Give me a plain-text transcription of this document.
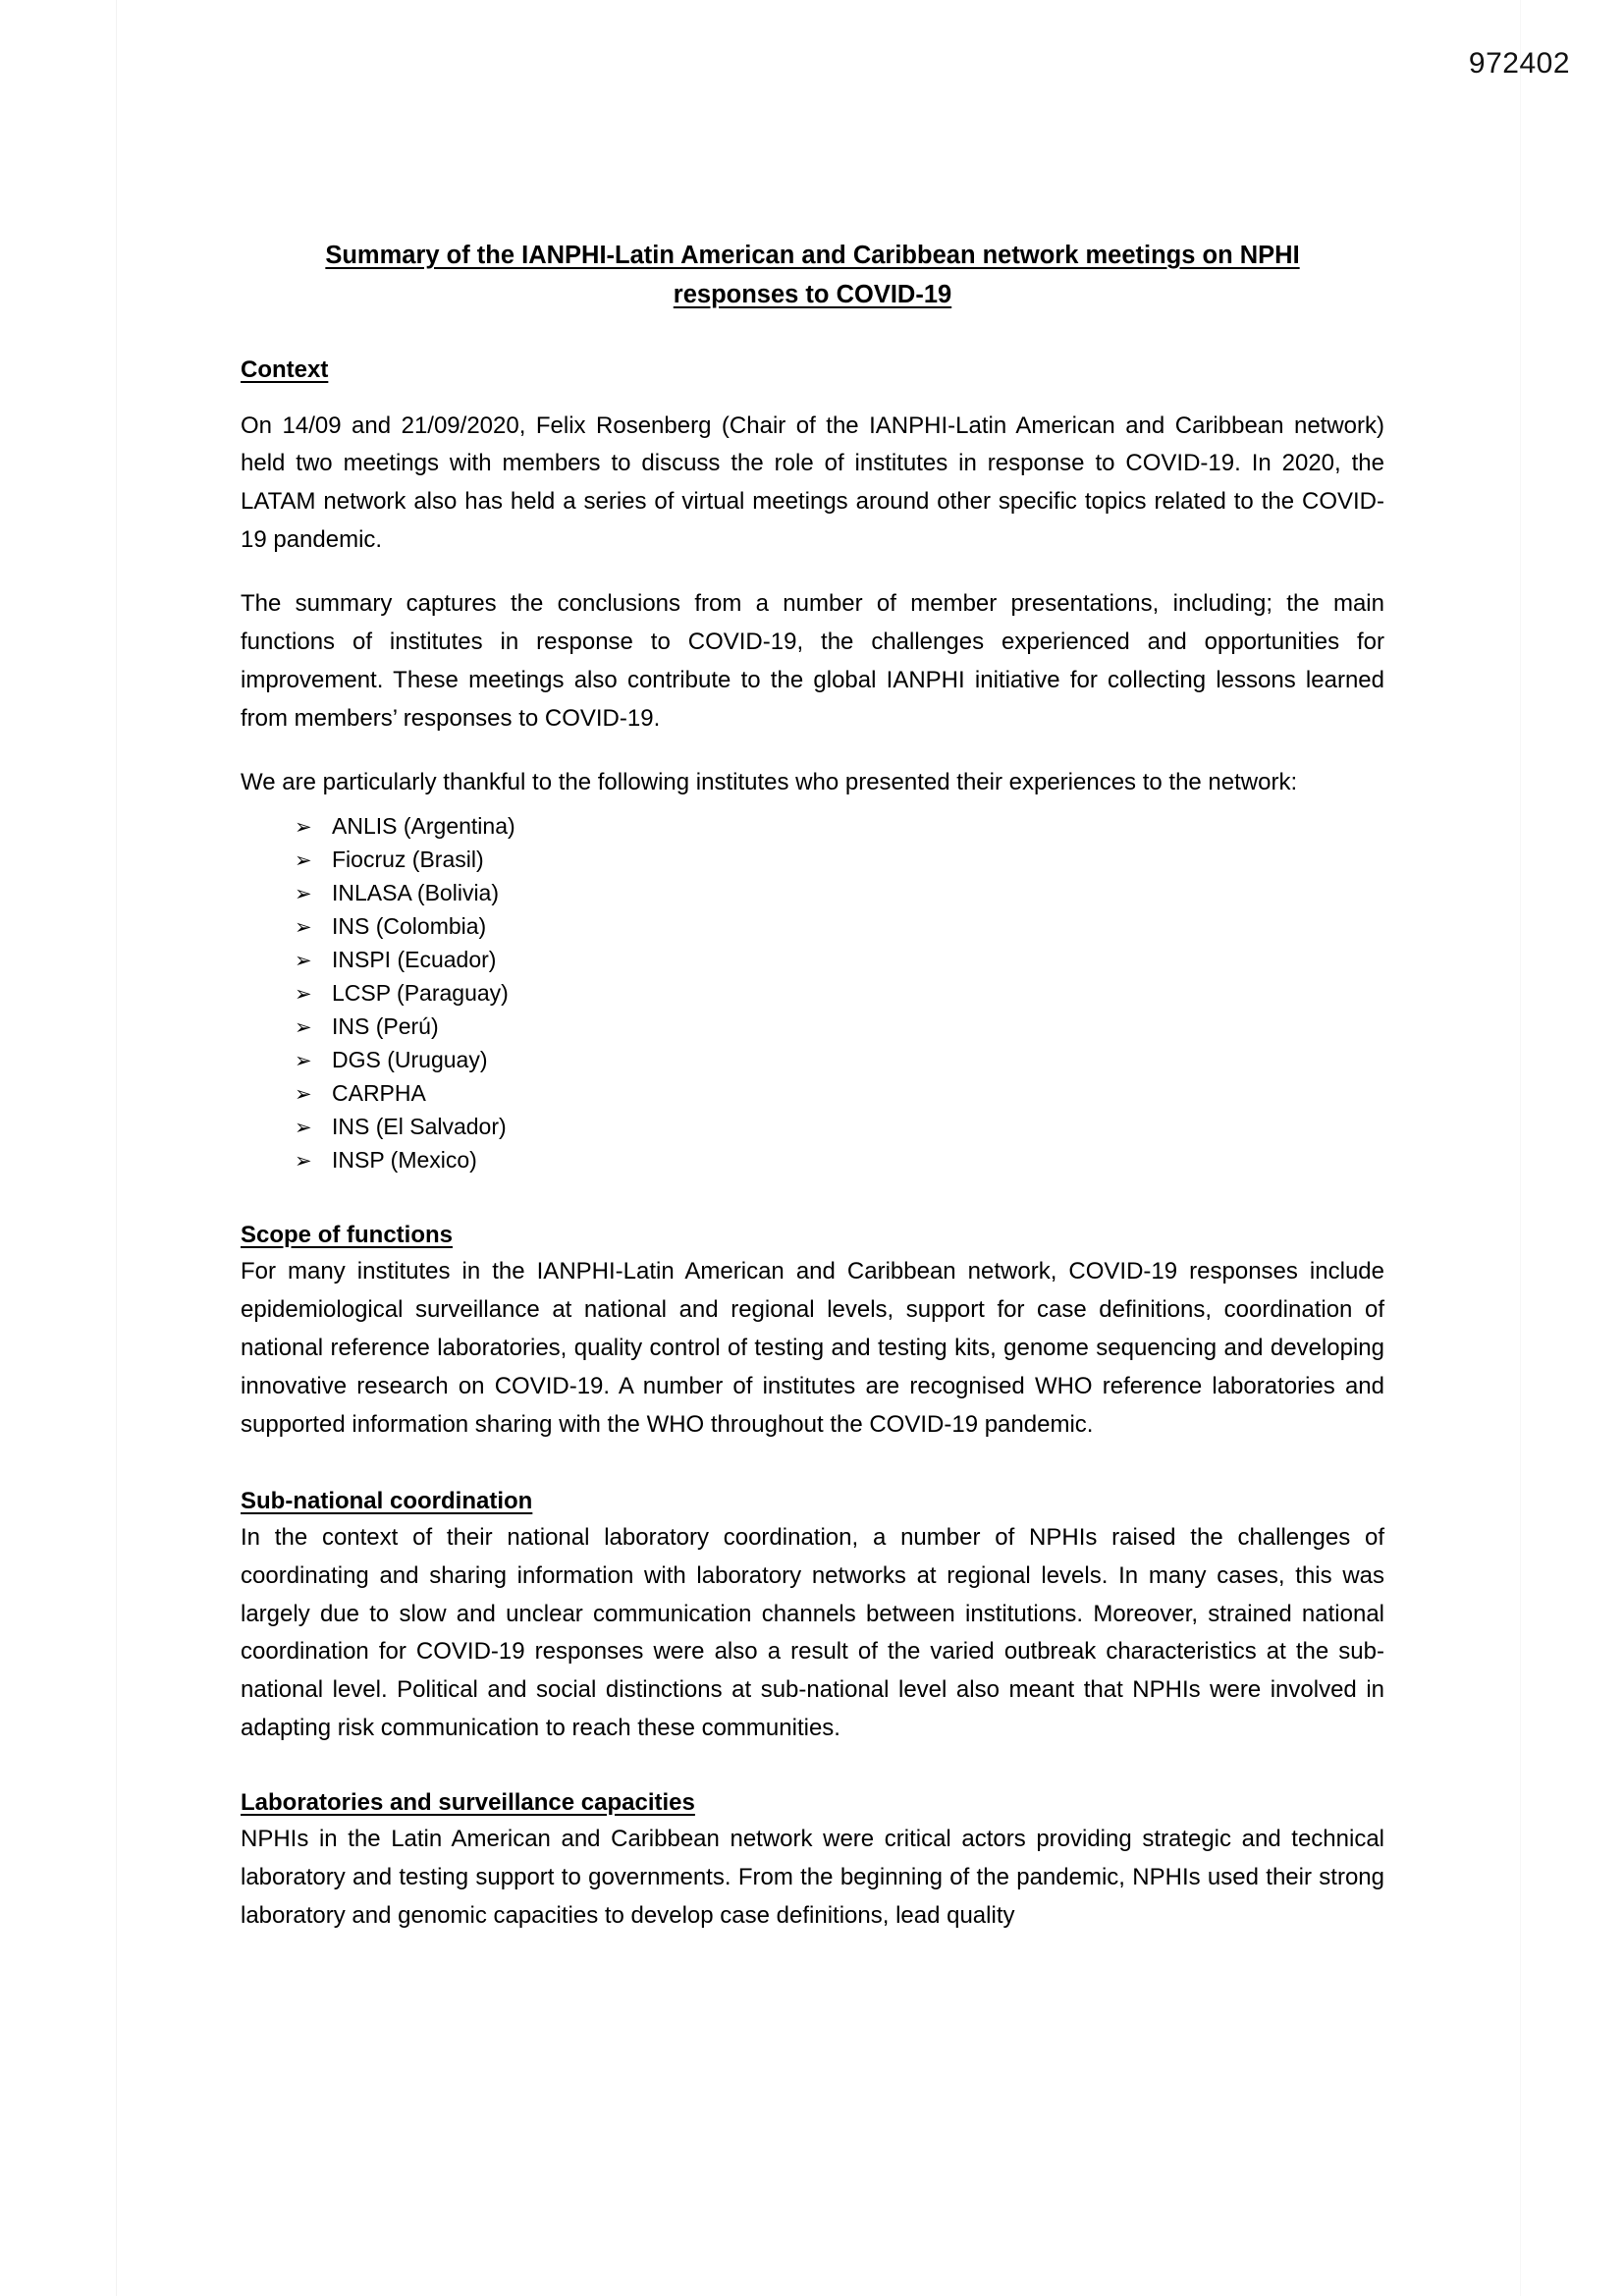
972402
Summary of the IANPHI-Latin American and Caribbean network meetings on NPHI
responses to COVID-19
Context

On 14/09 and 21/09/2020, Felix Rosenberg (Chair of the IANPHI-Latin American and Caribbean network) held two meetings with members to discuss the role of institutes in response to COVID-19. In 2020, the LATAM network also has held a series of virtual meetings around other specific topics related to the COVID-19 pandemic.

The summary captures the conclusions from a number of member presentations, including; the main functions of institutes in response to COVID-19, the challenges experienced and opportunities for improvement. These meetings also contribute to the global IANPHI initiative for collecting lessons learned from members’ responses to COVID-19.

We are particularly thankful to the following institutes who presented their experiences to the network:

➢ ANLIS (Argentina)
➢ Fiocruz (Brasil)
➢ INLASA (Bolivia)
➢ INS (Colombia)
➢ INSPI (Ecuador)
➢ LCSP (Paraguay)
➢ INS (Perú)
➢ DGS (Uruguay)
➢ CARPHA
➢ INS (El Salvador)
➢ INSP (Mexico)
Scope of functions

For many institutes in the IANPHI-Latin American and Caribbean network, COVID-19 responses include epidemiological surveillance at national and regional levels, support for case definitions, coordination of national reference laboratories, quality control of testing and testing kits, genome sequencing and developing innovative research on COVID-19. A number of institutes are recognised WHO reference laboratories and supported information sharing with the WHO throughout the COVID-19 pandemic.

Sub-national coordination

In the context of their national laboratory coordination, a number of NPHIs raised the challenges of coordinating and sharing information with laboratory networks at regional levels. In many cases, this was largely due to slow and unclear communication channels between institutions. Moreover, strained national coordination for COVID-19 responses were also a result of the varied outbreak characteristics at the sub-national level. Political and social distinctions at sub-national level also meant that NPHIs were involved in adapting risk communication to reach these communities.

Laboratories and surveillance capacities

NPHIs in the Latin American and Caribbean network were critical actors providing strategic and technical laboratory and testing support to governments. From the beginning of the pandemic, NPHIs used their strong laboratory and genomic capacities to develop case definitions, lead quality
